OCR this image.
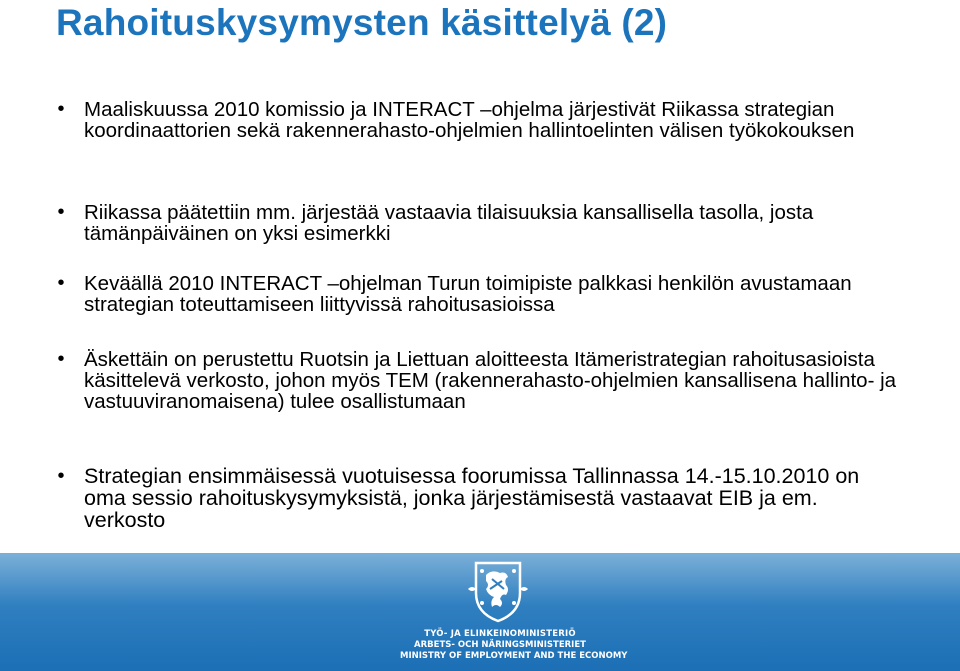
Rahoituskysymysten käsittelyä (2)
• Maaliskuussa 2010 komissio ja INTERACT –ohjelma järjestivät Riikassa strategian koordinaattorien sekä rakennerahasto-ohjelmien hallintoelinten välisen työkokouksen
• Riikassa päätettiin mm. järjestää vastaavia tilaisuuksia kansallisella tasolla, josta tämänpäiväinen on yksi esimerkki
• Keväällä 2010 INTERACT –ohjelman Turun toimipiste palkkasi henkilön avustamaan strategian toteuttamiseen liittyvissä rahoitusasioissa
• Äskettäin on perustettu Ruotsin ja Liettuan aloitteesta Itämeristrategian rahoitusasioista käsittelevä verkosto, johon myös TEM (rakennerahasto-ohjelmien kansallisena hallinto- ja vastuuviranomaisena) tulee osallistumaan
• Strategian ensimmäisessä vuotuisessa foorumissa Tallinnassa 14.-15.10.2010 on oma sessio rahoituskysymyksistä, jonka järjestämisestä vastaavat EIB ja em. verkosto
TYÖ- JA ELINKEINOMINISTERIÖ
ARBETS- OCH NÄRINGSMINISTERIET
MINISTRY OF EMPLOYMENT AND THE ECONOMY
